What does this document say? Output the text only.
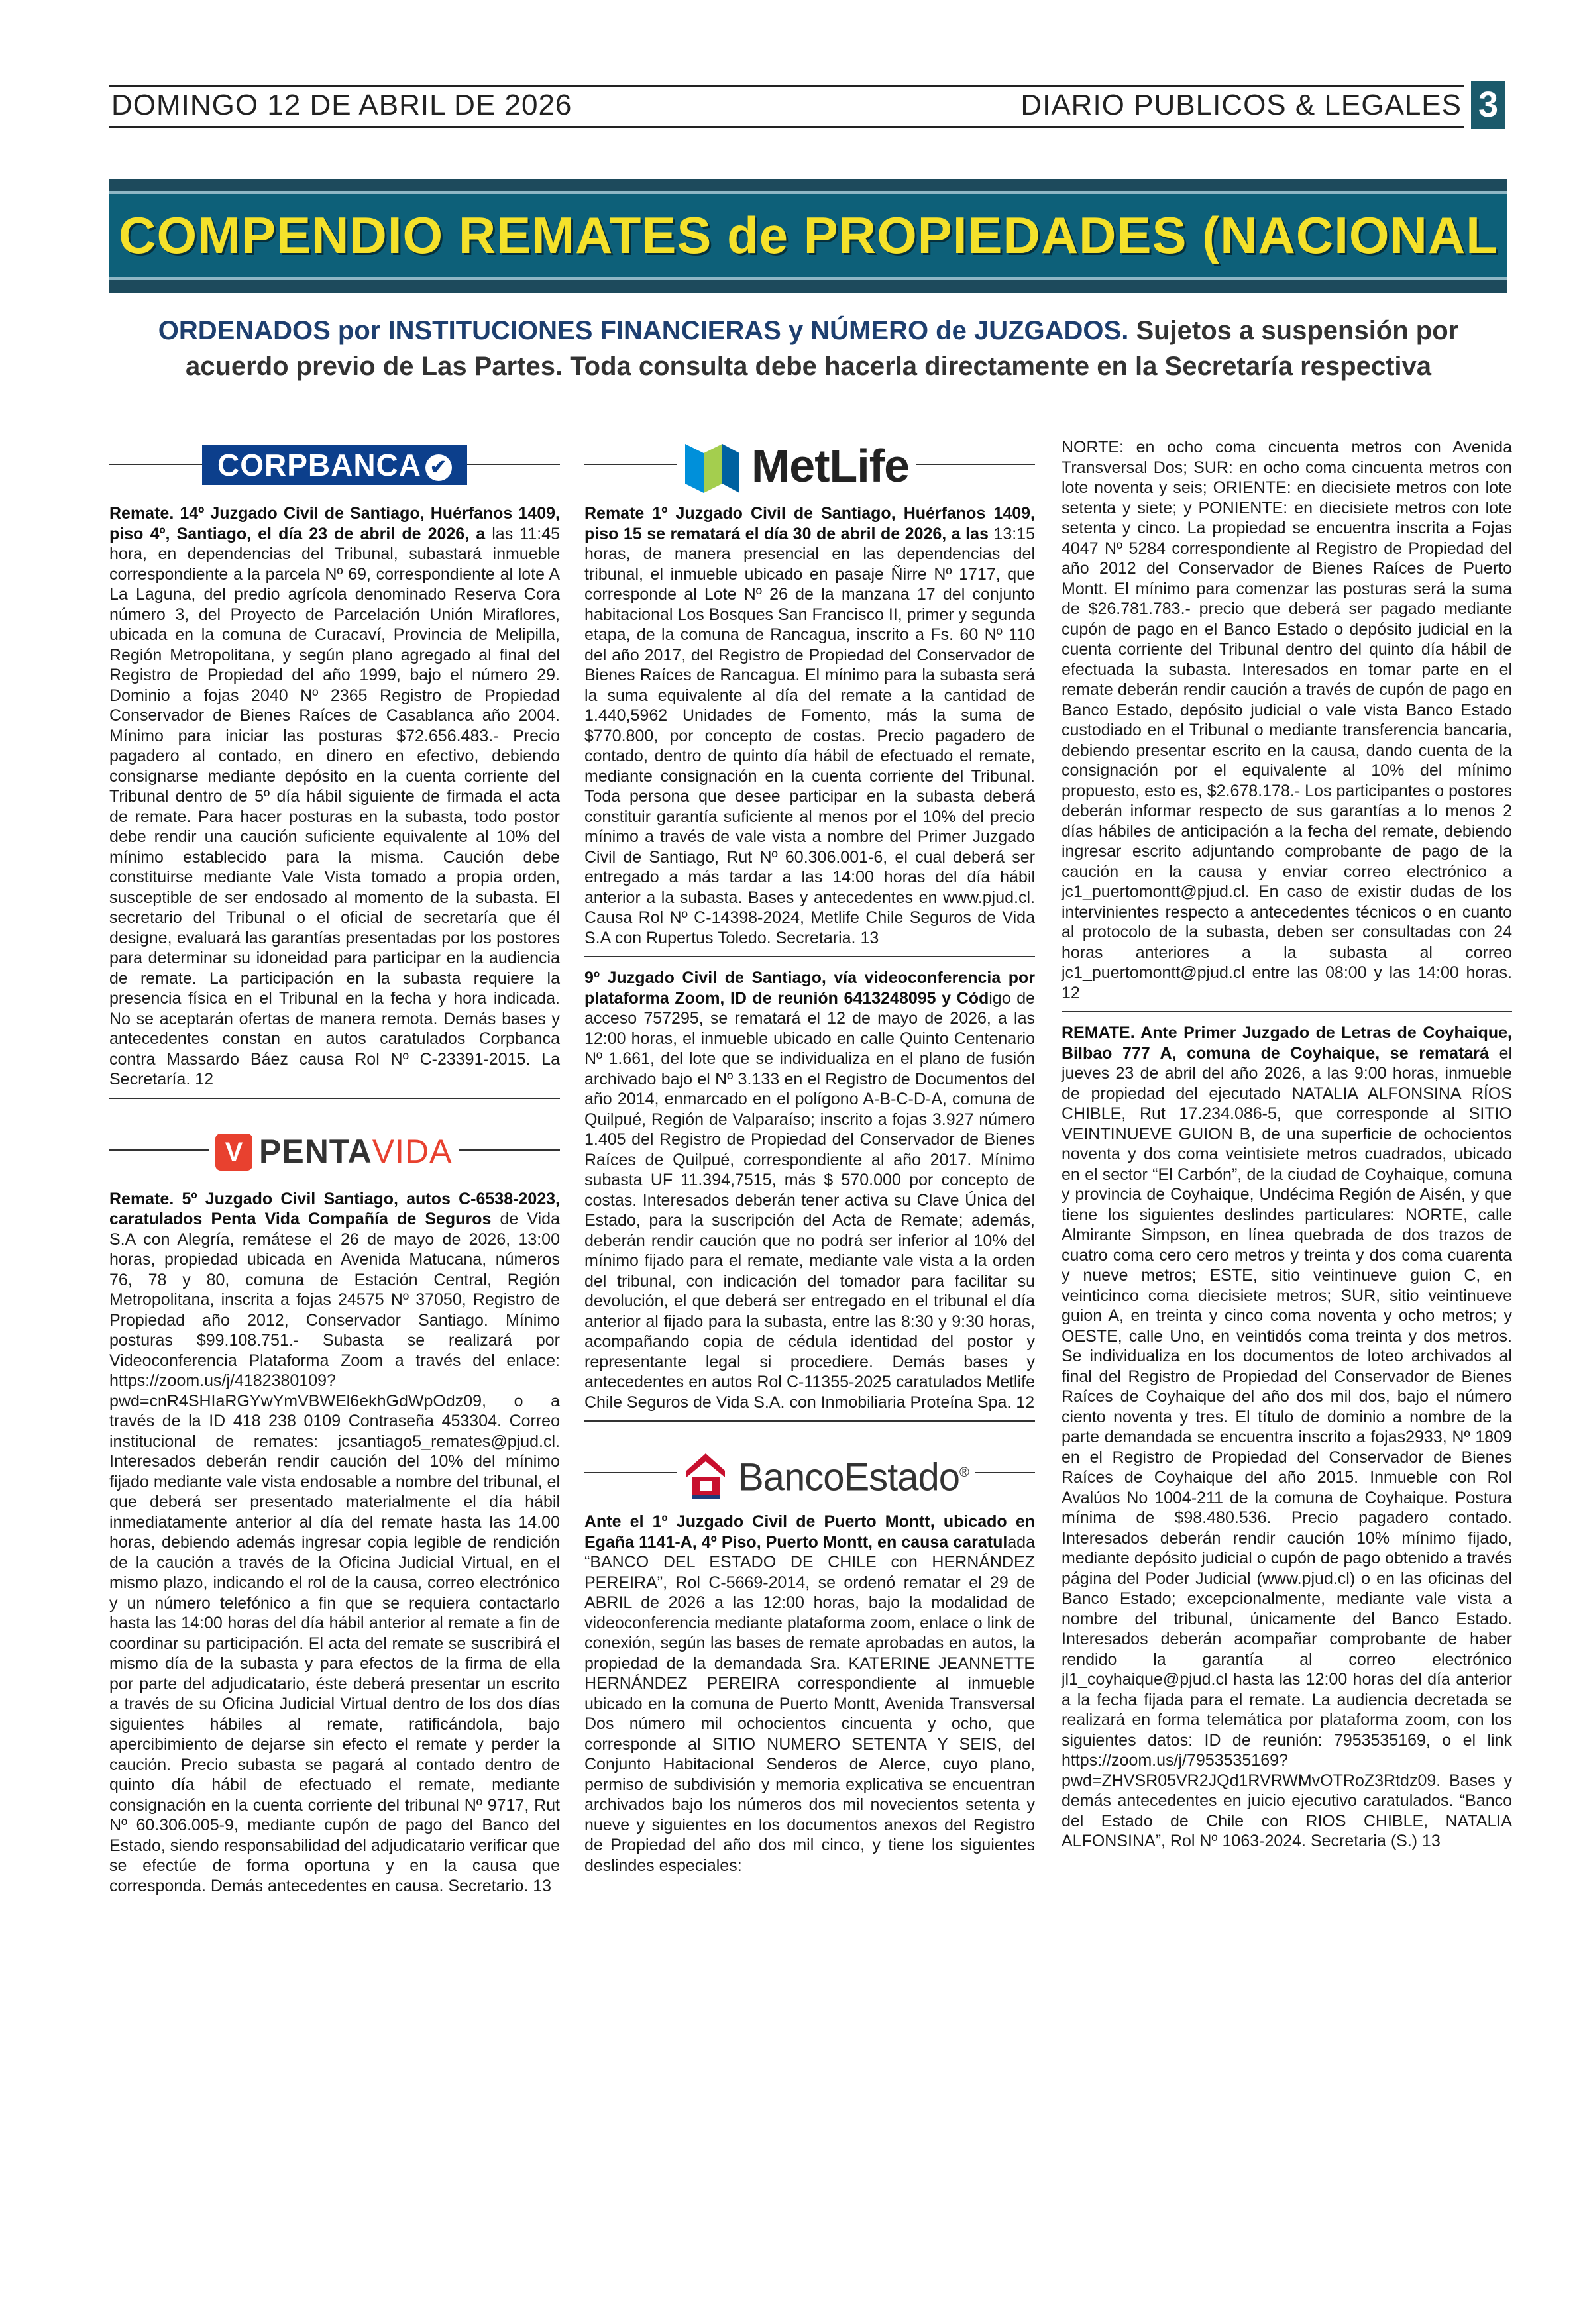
DOMINGO 12 DE ABRIL DE 2026	DIARIO PUBLICOS & LEGALES 3
COMPENDIO REMATES de PROPIEDADES (NACIONAL
ORDENADOS por INSTITUCIONES FINANCIERAS y NÚMERO de JUZGADOS. Sujetos a suspensión por acuerdo previo de Las Partes. Toda consulta debe hacerla directamente en la Secretaría respectiva
CORPBANCA ✔

Remate. 14º Juzgado Civil de Santiago, Huérfanos 1409, piso 4º, Santiago, el día 23 de abril de 2026, a las 11:45 hora, en dependencias del Tribunal, subastará inmueble correspondiente a la parcela Nº 69, correspondiente al lote A La Laguna, del predio agrícola denominado Reserva Cora número 3, del Proyecto de Parcelación Unión Miraflores, ubicada en la comuna de Curacaví, Provincia de Melipilla, Región Metropolitana, y según plano agregado al final del Registro de Propiedad del año 1999, bajo el número 29. Dominio a fojas 2040 Nº 2365 Registro de Propiedad Conservador de Bienes Raíces de Casablanca año 2004. Mínimo para iniciar las posturas $72.656.483.- Precio pagadero al contado, en dinero en efectivo, debiendo consignarse mediante depósito en la cuenta corriente del Tribunal dentro de 5º día hábil siguiente de firmada el acta de remate. Para hacer posturas en la subasta, todo postor debe rendir una caución suficiente equivalente al 10% del mínimo establecido para la misma. Caución debe constituirse mediante Vale Vista tomado a propia orden, susceptible de ser endosado al momento de la subasta. El secretario del Tribunal o el oficial de secretaría que él designe, evaluará las garantías presentadas por los postores para determinar su idoneidad para participar en la audiencia de remate. La participación en la subasta requiere la presencia física en el Tribunal en la fecha y hora indicada. No se aceptarán ofertas de manera remota. Demás bases y antecedentes constan en autos caratulados Corpbanca contra Massardo Báez causa Rol Nº C-23391-2015. La Secretaría. 12

V PENTAVIDA

Remate. 5º Juzgado Civil Santiago, autos C-6538-2023, caratulados Penta Vida Compañía de Seguros de Vida S.A con Alegría, remátese el 26 de mayo de 2026, 13:00 horas, propiedad ubicada en Avenida Matucana, números 76, 78 y 80, comuna de Estación Central, Región Metropolitana, inscrita a fojas 24575 Nº 37050, Registro de Propiedad año 2012, Conservador Santiago. Mínimo posturas $99.108.751.- Subasta se realizará por Videoconferencia Plataforma Zoom a través del enlace: https://zoom.us/j/4182380109?pwd=cnR4SHIaRGYwYmVBWEl6ekhGdWpOdz09, o a través de la ID 418 238 0109 Contraseña 453304. Correo institucional de remates: jcsantiago5_remates@pjud.cl. Interesados deberán rendir caución del 10% del mínimo fijado mediante vale vista endosable a nombre del tribunal, el que deberá ser presentado materialmente el día hábil inmediatamente anterior al día del remate hasta las 14.00 horas, debiendo además ingresar copia legible de rendición de la caución a través de la Oficina Judicial Virtual, en el mismo plazo, indicando el rol de la causa, correo electrónico y un número telefónico a fin que se requiera contactarlo hasta las 14:00 horas del día hábil anterior al remate a fin de coordinar su participación. El acta del remate se suscribirá el mismo día de la subasta y para efectos de la firma de ella por parte del adjudicatario, éste deberá presentar un escrito a través de su Oficina Judicial Virtual dentro de los dos días siguientes hábiles al remate, ratificándola, bajo apercibimiento de dejarse sin efecto el remate y perder la caución. Precio subasta se pagará al contado dentro de quinto día hábil de efectuado el remate, mediante consignación en la cuenta corriente del tribunal Nº 9717, Rut Nº 60.306.005-9, mediante cupón de pago del Banco del Estado, siendo responsabilidad del adjudicatario verificar que se efectúe de forma oportuna y en la causa que corresponda. Demás antecedentes en causa. Secretario. 13

MetLife

Remate 1º Juzgado Civil de Santiago, Huérfanos 1409, piso 15 se rematará el día 30 de abril de 2026, a las 13:15 horas, de manera presencial en las dependencias del tribunal, el inmueble ubicado en pasaje Ñirre Nº 1717, que corresponde al Lote Nº 26 de la manzana 17 del conjunto habitacional Los Bosques San Francisco II, primer y segunda etapa, de la comuna de Rancagua, inscrito a Fs. 60 Nº 110 del año 2017, del Registro de Propiedad del Conservador de Bienes Raíces de Rancagua. El mínimo para la subasta será la suma equivalente al día del remate a la cantidad de 1.440,5962 Unidades de Fomento, más la suma de $770.800, por concepto de costas. Precio pagadero de contado, dentro de quinto día hábil de efectuado el remate, mediante consignación en la cuenta corriente del Tribunal. Toda persona que desee participar en la subasta deberá constituir garantía suficiente al menos por el 10% del precio mínimo a través de vale vista a nombre del Primer Juzgado Civil de Santiago, Rut Nº 60.306.001-6, el cual deberá ser entregado a más tardar a las 14:00 horas del día hábil anterior a la subasta. Bases y antecedentes en www.pjud.cl. Causa Rol Nº C-14398-2024, Metlife Chile Seguros de Vida S.A con Rupertus Toledo. Secretaria. 13

9º Juzgado Civil de Santiago, vía videoconferencia por plataforma Zoom, ID de reunión 6413248095 y Código de acceso 757295, se rematará el 12 de mayo de 2026, a las 12:00 horas, el inmueble ubicado en calle Quinto Centenario Nº 1.661, del lote que se individualiza en el plano de fusión archivado bajo el Nº 3.133 en el Registro de Documentos del año 2014, enmarcado en el polígono A-B-C-D-A, comuna de Quilpué, Región de Valparaíso; inscrito a fojas 3.927 número 1.405 del Registro de Propiedad del Conservador de Bienes Raíces de Quilpué, correspondiente al año 2017. Mínimo subasta UF 11.394,7515, más $ 570.000 por concepto de costas. Interesados deberán tener activa su Clave Única del Estado, para la suscripción del Acta de Remate; además, deberán rendir caución que no podrá ser inferior al 10% del mínimo fijado para el remate, mediante vale vista a la orden del tribunal, con indicación del tomador para facilitar su devolución, el que deberá ser entregado en el tribunal el día anterior al fijado para la subasta, entre las 8:30 y 9:30 horas, acompañando copia de cédula identidad del postor y representante legal si procediere. Demás bases y antecedentes en autos Rol C-11355-2025 caratulados Metlife Chile Seguros de Vida S.A. con Inmobiliaria Proteína Spa. 12

BancoEstado®

Ante el 1º Juzgado Civil de Puerto Montt, ubicado en Egaña 1141-A, 4º Piso, Puerto Montt, en causa caratulada “BANCO DEL ESTADO DE CHILE con HERNÁNDEZ PEREIRA”, Rol C-5669-2014, se ordenó rematar el 29 de ABRIL de 2026 a las 12:00 horas, bajo la modalidad de videoconferencia mediante plataforma zoom, enlace o link de conexión, según las bases de remate aprobadas en autos, la propiedad de la demandada Sra. KATERINE JEANNETTE HERNÁNDEZ PEREIRA correspondiente al inmueble ubicado en la comuna de Puerto Montt, Avenida Transversal Dos número mil ochocientos cincuenta y ocho, que corresponde al SITIO NUMERO SETENTA Y SEIS, del Conjunto Habitacional Senderos de Alerce, cuyo plano, permiso de subdivisión y memoria explicativa se encuentran archivados bajo los números dos mil novecientos setenta y nueve y siguientes en los documentos anexos del Registro de Propiedad del año dos mil cinco, y tiene los siguientes deslindes especiales:

NORTE: en ocho coma cincuenta metros con Avenida Transversal Dos; SUR: en ocho coma cincuenta metros con lote noventa y seis; ORIENTE: en diecisiete metros con lote setenta y siete; y PONIENTE: en diecisiete metros con lote setenta y cinco. La propiedad se encuentra inscrita a Fojas 4047 Nº 5284 correspondiente al Registro de Propiedad del año 2012 del Conservador de Bienes Raíces de Puerto Montt. El mínimo para comenzar las posturas será la suma de $26.781.783.- precio que deberá ser pagado mediante cupón de pago en el Banco Estado o depósito judicial en la cuenta corriente del Tribunal dentro del quinto día hábil de efectuada la subasta. Interesados en tomar parte en el remate deberán rendir caución a través de cupón de pago en Banco Estado, depósito judicial o vale vista Banco Estado custodiado en el Tribunal o mediante transferencia bancaria, debiendo presentar escrito en la causa, dando cuenta de la consignación por el equivalente al 10% del mínimo propuesto, esto es, $2.678.178.- Los participantes o postores deberán informar respecto de sus garantías a lo menos 2 días hábiles de anticipación a la fecha del remate, debiendo ingresar escrito adjuntando comprobante de pago de la caución en la causa y enviar correo electrónico a jc1_puertomontt@pjud.cl. En caso de existir dudas de los intervinientes respecto a antecedentes técnicos o en cuanto al protocolo de la subasta, deben ser consultadas con 24 horas anteriores a la subasta al correo jc1_puertomontt@pjud.cl entre las 08:00 y las 14:00 horas. 12

REMATE. Ante Primer Juzgado de Letras de Coyhaique, Bilbao 777 A, comuna de Coyhaique, se rematará el jueves 23 de abril del año 2026, a las 9:00 horas, inmueble de propiedad del ejecutado NATALIA ALFONSINA RÍOS CHIBLE, Rut 17.234.086-5, que corresponde al SITIO VEINTINUEVE GUION B, de una superficie de ochocientos noventa y dos coma veintisiete metros cuadrados, ubicado en el sector “El Carbón”, de la ciudad de Coyhaique, comuna y provincia de Coyhaique, Undécima Región de Aisén, y que tiene los siguientes deslindes particulares: NORTE, calle Almirante Simpson, en línea quebrada de dos trazos de cuatro coma cero cero metros y treinta y dos coma cuarenta y nueve metros; ESTE, sitio veintinueve guion C, en veinticinco coma diecisiete metros; SUR, sitio veintinueve guion A, en treinta y cinco coma noventa y ocho metros; y OESTE, calle Uno, en veintidós coma treinta y dos metros. Se individualiza en los documentos de loteo archivados al final del Registro de Propiedad del Conservador de Bienes Raíces de Coyhaique del año dos mil dos, bajo el número ciento noventa y tres. El título de dominio a nombre de la parte demandada se encuentra inscrito a fojas2933, Nº 1809 en el Registro de Propiedad del Conservador de Bienes Raíces de Coyhaique del año 2015. Inmueble con Rol Avalúos No 1004-211 de la comuna de Coyhaique. Postura mínima de $98.480.536. Precio pagadero contado. Interesados deberán rendir caución 10% mínimo fijado, mediante depósito judicial o cupón de pago obtenido a través página del Poder Judicial (www.pjud.cl) o en las oficinas del Banco Estado; excepcionalmente, mediante vale vista a nombre del tribunal, únicamente del Banco Estado. Interesados deberán acompañar comprobante de haber rendido la garantía al correo electrónico jl1_coyhaique@pjud.cl hasta las 12:00 horas del día anterior a la fecha fijada para el remate. La audiencia decretada se realizará en forma telemática por plataforma zoom, con los siguientes datos: ID de reunión: 7953535169, o el link https://zoom.us/j/7953535169?pwd=ZHVSR05VR2JQd1RVRWMvOTRoZ3Rtdz09. Bases y demás antecedentes en juicio ejecutivo caratulados. “Banco del Estado de Chile con RIOS CHIBLE, NATALIA ALFONSINA”, Rol Nº 1063-2024. Secretaria (S.) 13
